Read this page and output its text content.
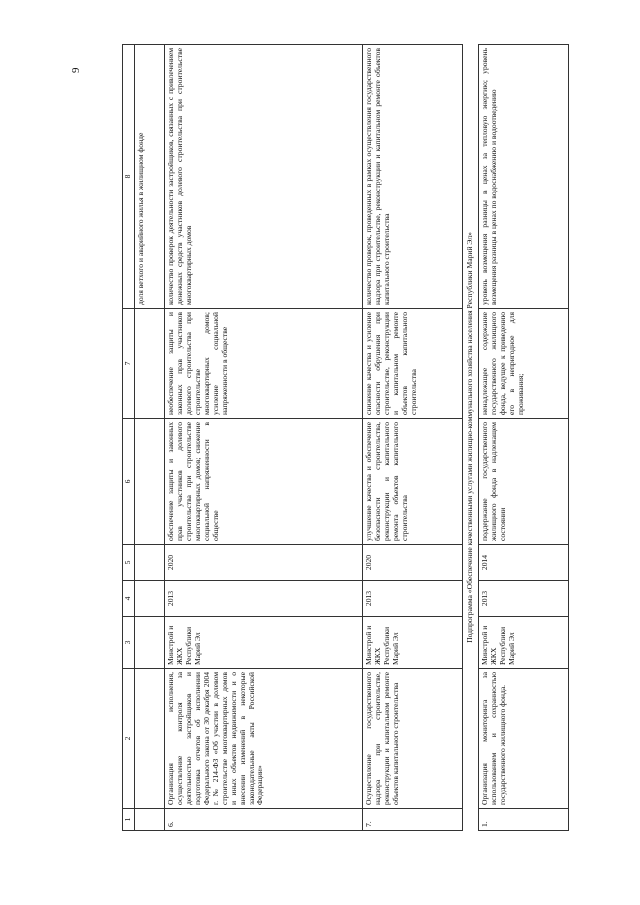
9
1	2	3	4	5	6	7	8
							доля ветхого и аварийного жилья в жилищном фонде
6.	Организация исполнения, осуществление контроля за деятельностью застройщиков и подготовка отчетов об исполнении Федерального закона от 30 декабря 2004 г. № 214-ФЗ «Об участии в долевом строительстве многоквартирных домов и иных объектов недвижимости и о внесении изменений в некоторые законодательные акты Российской Федерации»	Минстрой и ЖКХ Республики Марий Эл	2013	2020	обеспечение защиты и законных прав участников долевого строительства при строительстве многоквартирных домов; снижение социальной напряженности в обществе	необеспечение защиты и законных прав участников долевого строительства при строительстве многоквартирных домов; усиление социальной напряженности в обществе	количество проверок деятельности застройщиков, связанных с привлечением денежных средств участников долевого строительства при строительстве многоквартирных домов
7.	Осуществление государственного надзора при строительстве, реконструкции и капитальном ремонте объектов капитального строительства	Минстрой и ЖКХ Республики Марий Эл	2013	2020	улучшение качества и обеспечение безопасности строительства, реконструкции и капитального ремонта объектов капитального строительства	снижение качества и усиление опасности обрушения при строительстве, реконструкции и капитальном ремонте объектов капитального строительства	количество проверок, проведенных в рамках осуществления государственного надзора при строительстве, реконструкции и капитальном ремонте объектов капитального строительства
Подпрограмма «Обеспечение качественными услугами жилищно-коммунального хозяйства населения Республики Марий Эл»							
1.	Организация мониторинга за использованием и сохранностью государственного жилищного фонда.	Минстрой и ЖКХ Республики Марий Эл	2013	2014	поддержание государственного жилищного фонда в надлежащем состоянии	ненадлежащее содержание государственного жилищного фонда, ведущее к приведению его в непригодное для проживания;	уровень возмещения разницы в ценах за тепловую энергию; уровень возмещения разницы в ценах по водоснабжению и водоотведению
